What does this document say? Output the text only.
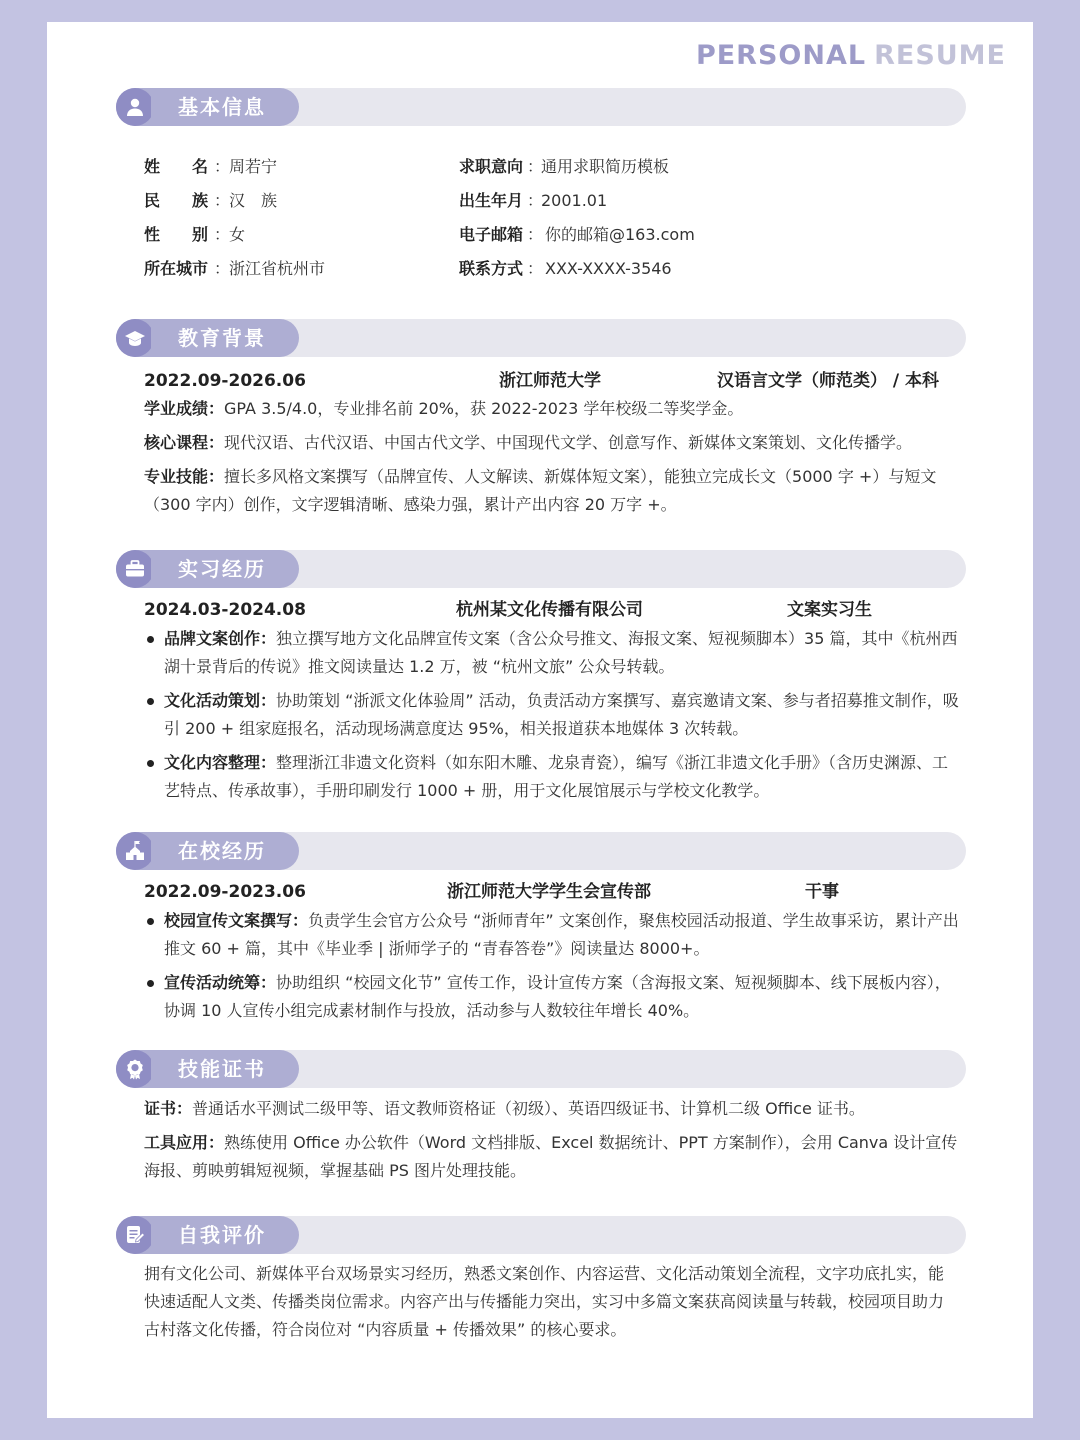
PERSONAL RESUME
基本信息
姓　　名 ：
周若宁
民　　族 ：
汉　族
性　　别 ：
女
所在城市 ：
浙江省杭州市
求职意向 ：
通用求职简历模板
出生年月 ：
2001.01
电子邮箱 ： 你的邮箱@163.com
联系方式 ： XXX-XXXX-3546
教育背景
2022.09-2026.06	浙江师范大学	汉语言文学（师范类） / 本科
学业成绩：GPA 3.5/4.0，专业排名前 20%，获 2022-2023 学年校级二等奖学金。
核心课程：现代汉语、古代汉语、中国古代文学、中国现代文学、创意写作、新媒体文案策划、文化传播学。
专业技能：擅长多风格文案撰写（品牌宣传、人文解读、新媒体短文案），能独立完成长文（5000 字 +）与短文（300 字内）创作，文字逻辑清晰、感染力强，累计产出内容 20 万字 +。
实习经历
2024.03-2024.08	杭州某文化传播有限公司	文案实习生
品牌文案创作：独立撰写地方文化品牌宣传文案（含公众号推文、海报文案、短视频脚本）35 篇，其中《杭州西湖十景背后的传说》推文阅读量达 1.2 万，被 “杭州文旅” 公众号转载。
文化活动策划：协助策划 “浙派文化体验周” 活动，负责活动方案撰写、嘉宾邀请文案、参与者招募推文制作，吸引 200 + 组家庭报名，活动现场满意度达 95%，相关报道获本地媒体 3 次转载。
文化内容整理：整理浙江非遗文化资料（如东阳木雕、龙泉青瓷），编写《浙江非遗文化手册》（含历史渊源、工艺特点、传承故事），手册印刷发行 1000 + 册，用于文化展馆展示与学校文化教学。
在校经历
2022.09-2023.06	浙江师范大学学生会宣传部	干事
校园宣传文案撰写：负责学生会官方公众号 “浙师青年” 文案创作，聚焦校园活动报道、学生故事采访，累计产出推文 60 + 篇，其中《毕业季 | 浙师学子的 “青春答卷”》阅读量达 8000+。
宣传活动统筹：协助组织 “校园文化节” 宣传工作，设计宣传方案（含海报文案、短视频脚本、线下展板内容），协调 10 人宣传小组完成素材制作与投放，活动参与人数较往年增长 40%。
技能证书
证书：普通话水平测试二级甲等、语文教师资格证（初级）、英语四级证书、计算机二级 Office 证书。
工具应用：熟练使用 Office 办公软件（Word 文档排版、Excel 数据统计、PPT 方案制作），会用 Canva 设计宣传海报、剪映剪辑短视频，掌握基础 PS 图片处理技能。
自我评价
拥有文化公司、新媒体平台双场景实习经历，熟悉文案创作、内容运营、文化活动策划全流程，文字功底扎实，能快速适配人文类、传播类岗位需求。内容产出与传播能力突出，实习中多篇文案获高阅读量与转载，校园项目助力古村落文化传播，符合岗位对 “内容质量 + 传播效果” 的核心要求。
